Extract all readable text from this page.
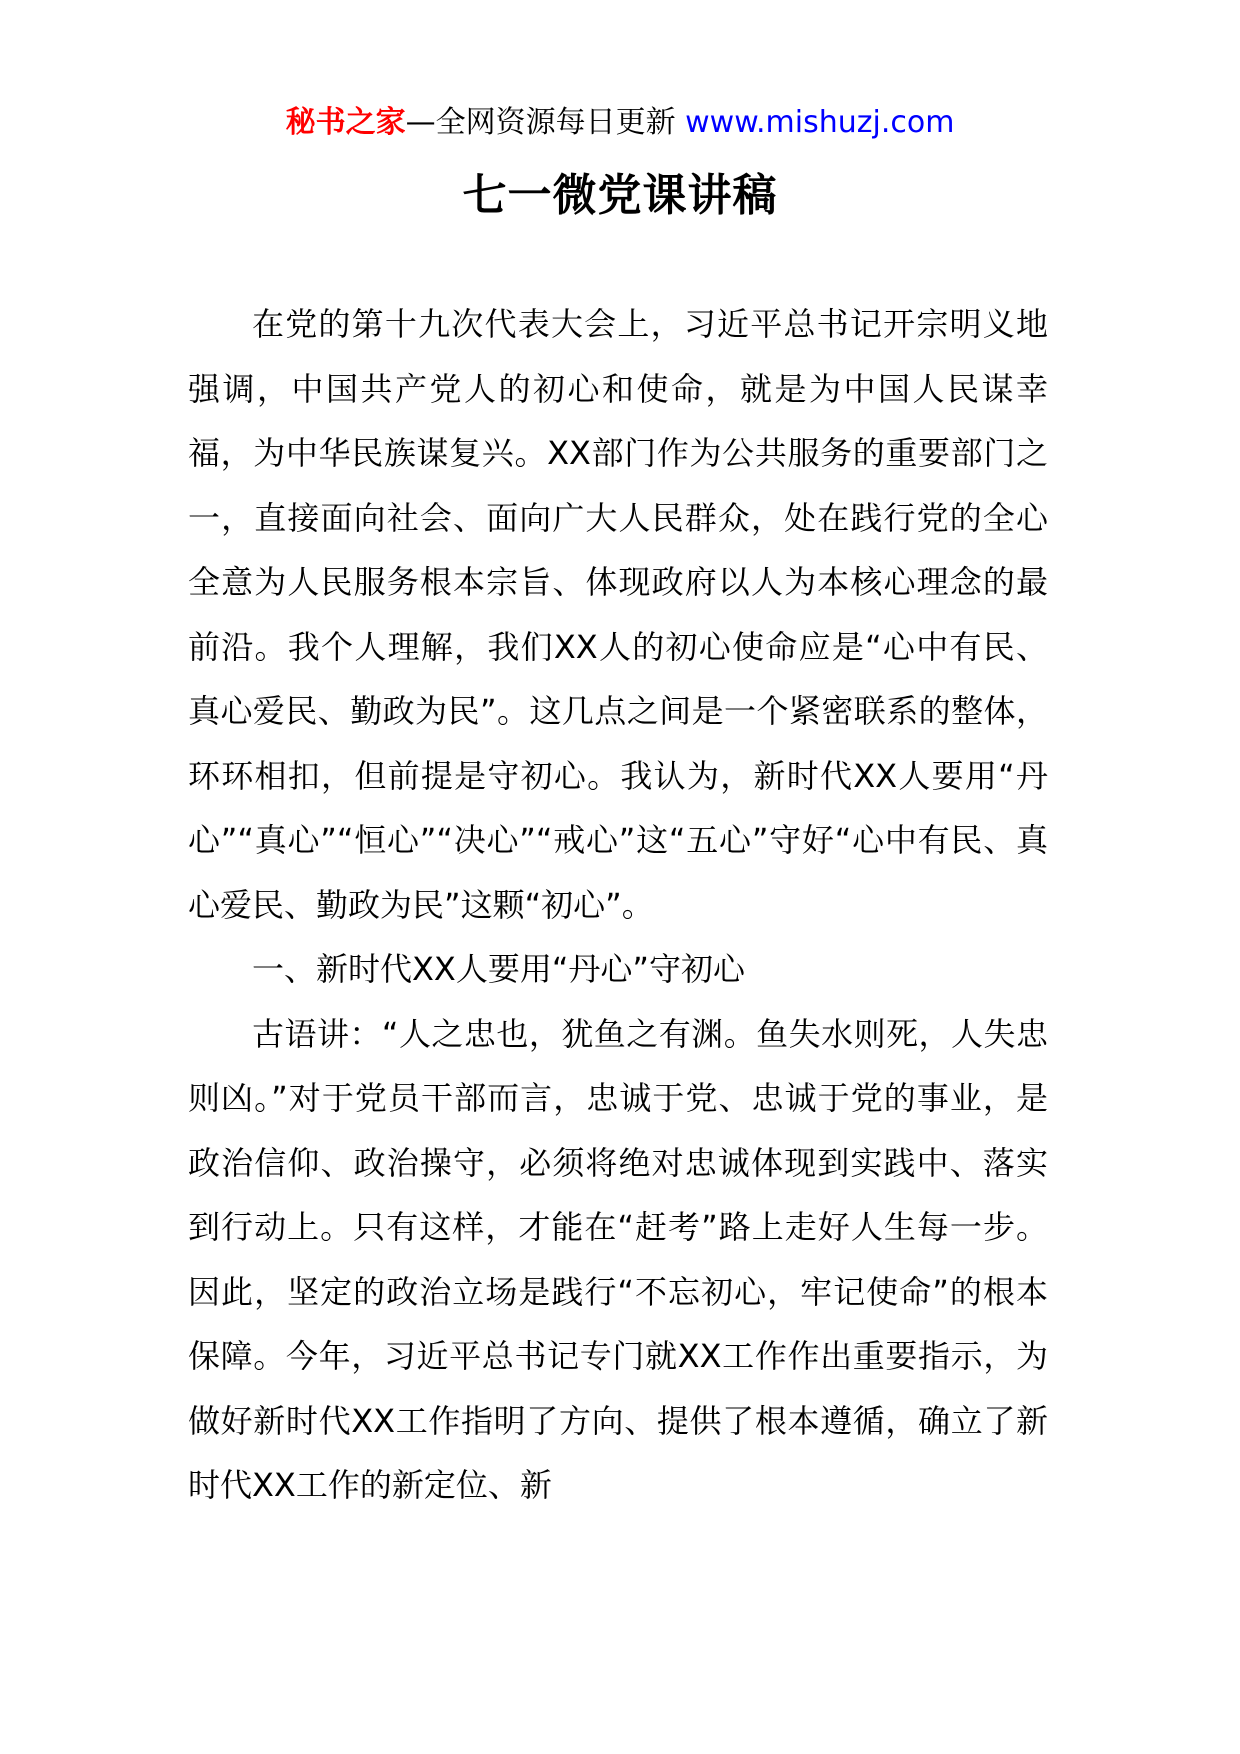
秘书之家—全网资源每日更新 www.mishuzj.com
七一微党课讲稿

在党的第十九次代表大会上，习近平总书记开宗明义地强调，中国共产党人的初心和使命，就是为中国人民谋幸福，为中华民族谋复兴。XX部门作为公共服务的重要部门之一，直接面向社会、面向广大人民群众，处在践行党的全心全意为人民服务根本宗旨、体现政府以人为本核心理念的最前沿。我个人理解，我们XX人的初心使命应是“心中有民、真心爱民、勤政为民”。这几点之间是一个紧密联系的整体，环环相扣，但前提是守初心。我认为，新时代XX人要用“丹心”“真心”“恒心”“决心”“戒心”这“五心”守好“心中有民、真心爱民、勤政为民”这颗“初心”。

一、新时代XX人要用“丹心”守初心

古语讲：“人之忠也，犹鱼之有渊。鱼失水则死，人失忠则凶。”对于党员干部而言，忠诚于党、忠诚于党的事业，是政治信仰、政治操守，必须将绝对忠诚体现到实践中、落实到行动上。只有这样，才能在“赶考”路上走好人生每一步。因此，坚定的政治立场是践行“不忘初心，牢记使命”的根本保障。今年，习近平总书记专门就XX工作作出重要指示，为做好新时代XX工作指明了方向、提供了根本遵循，确立了新时代XX工作的新定位、新
